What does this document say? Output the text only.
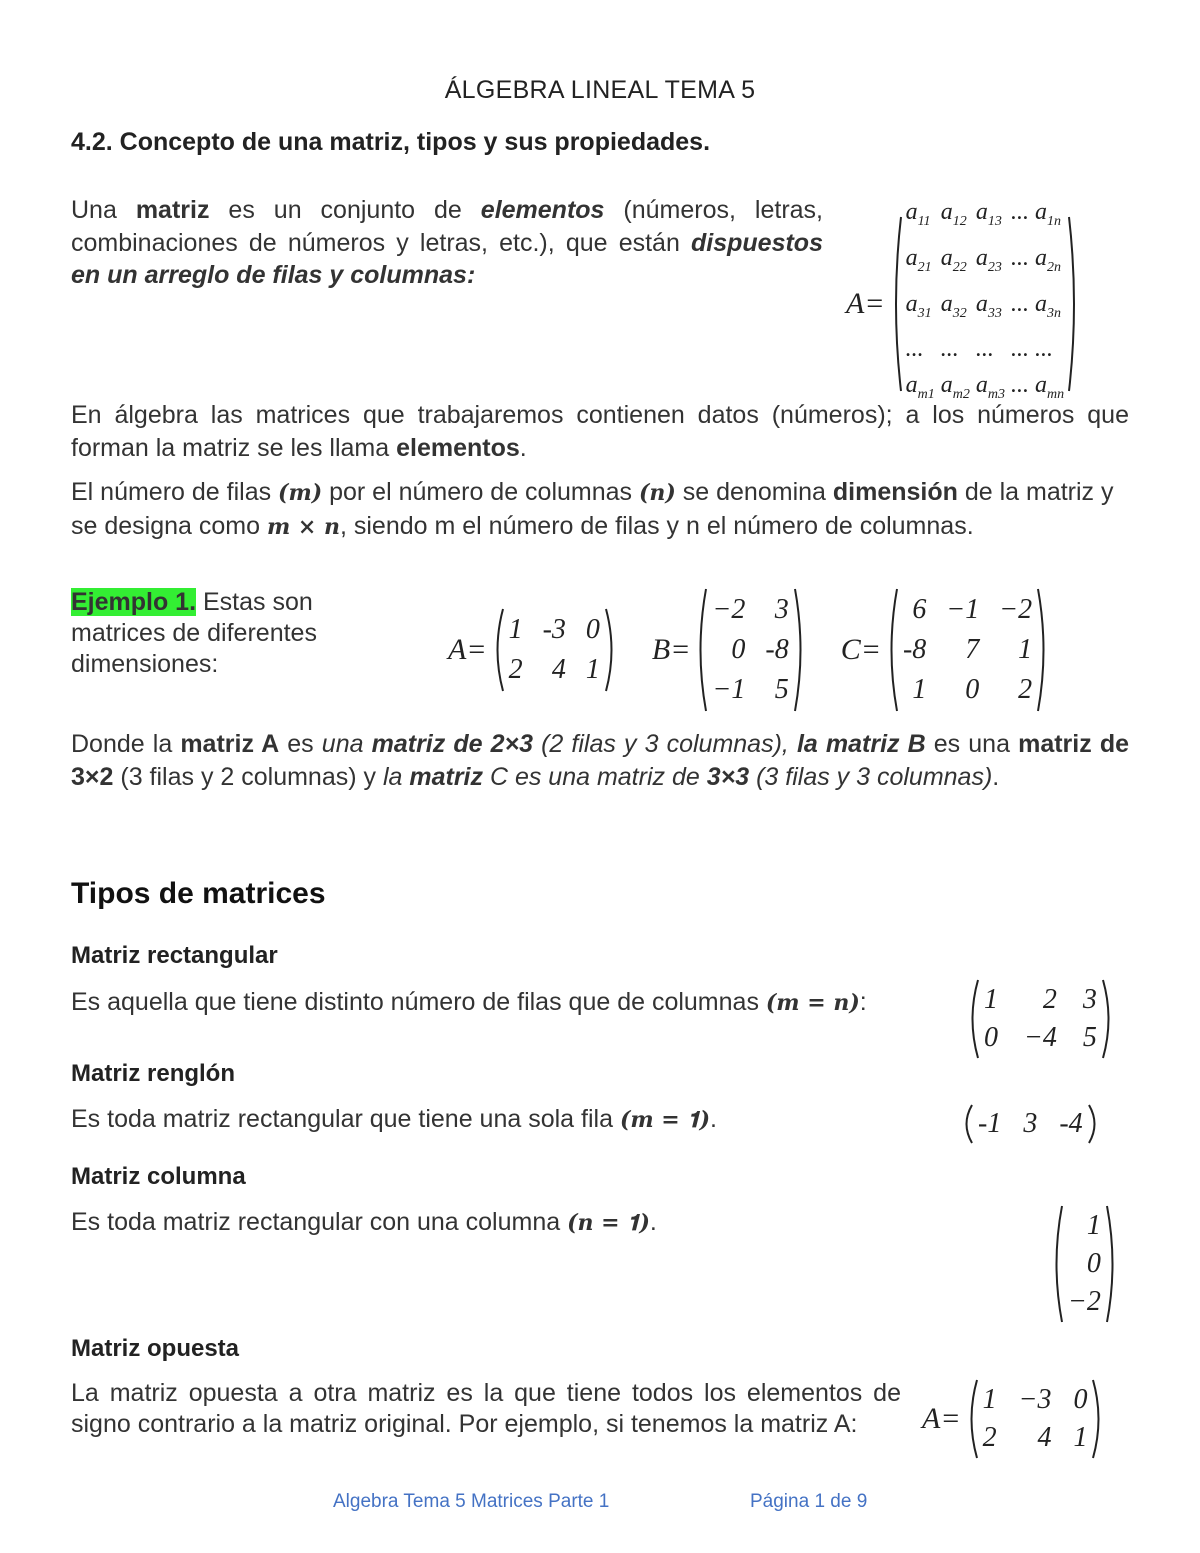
ÁLGEBRA LINEAL TEMA 5
4.2. Concepto de una matriz, tipos y sus propiedades.
Una matriz es un conjunto de elementos (números, letras, combinaciones de números y letras, etc.), que están dispuestos en un arreglo de filas y columnas:
A=
$a_{11}$ $a_{12}$ $a_{13}$ ... $a_{1n}$
$a_{21}$ $a_{22}$ $a_{23}$ ... $a_{2n}$
$a_{31}$ $a_{32}$ $a_{33}$ ... $a_{3n}$
... ... ... ... ...
$a_{m1}$ $a_{m2}$ $a_{m3}$ ... $a_{mn}$
En álgebra las matrices que trabajaremos contienen datos (números); a los números que forman la matriz se les llama elementos.
El número de filas (𝒎) por el número de columnas (𝒏) se denomina dimensión de la matriz y se designa como 𝒎 × 𝒏, siendo m el número de filas y n el número de columnas.
Ejemplo 1. Estas son matrices de diferentes dimensiones:	A=
1 -3 0
2	4 1
B=
−2	3
0 -8
−1	5
C=
6 −1 −2
-8	7	1
1	0	2
Donde la matriz A es una matriz de 2×3 (2 filas y 3 columnas), la matriz B es una matriz de 3×2 (3 filas y 2 columnas) y la matriz C es una matriz de 3×3 (3 filas y 3 columnas).
Tipos de matrices
Matriz rectangular
Es aquella que tiene distinto número de filas que de columnas (𝒎 = 𝒏):	1	2 3
0 −4 5
Matriz renglón
Es toda matriz rectangular que tiene una sola fila (𝒎 = 𝟏).	-1 3 -4
Matriz columna
Es toda matriz rectangular con una columna (𝒏 = 𝟏).	1
0
−2
Matriz opuesta
La matriz opuesta a otra matriz es la que tiene todos los elementos de signo contrario a la matriz original. Por ejemplo, si tenemos la matriz A:	A=
1 −3 0
2	4 1
Algebra Tema 5 Matrices Parte 1	Página 1 de 9
